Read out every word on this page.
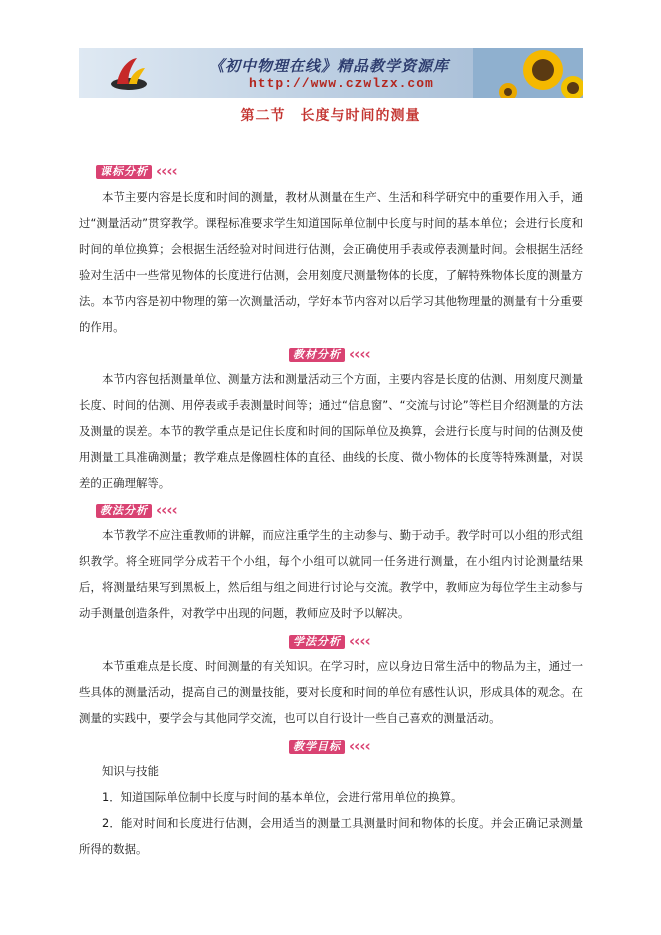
《初中物理在线》精品教学资源库
http://www.czwlzx.com
第二节　长度与时间的测量
课标分析 ‹‹‹‹

本节主要内容是长度和时间的测量，教材从测量在生产、生活和科学研究中的重要作用入手，通过“测量活动”贯穿教学。课程标准要求学生知道国际单位制中长度与时间的基本单位；会进行长度和时间的单位换算；会根据生活经验对时间进行估测，会正确使用手表或停表测量时间。会根据生活经验对生活中一些常见物体的长度进行估测，会用刻度尺测量物体的长度，了解特殊物体长度的测量方法。本节内容是初中物理的第一次测量活动，学好本节内容对以后学习其他物理量的测量有十分重要的作用。

教材分析 ‹‹‹‹

本节内容包括测量单位、测量方法和测量活动三个方面，主要内容是长度的估测、用刻度尺测量长度、时间的估测、用停表或手表测量时间等；通过“信息窗”、“交流与讨论”等栏目介绍测量的方法及测量的误差。本节的教学重点是记住长度和时间的国际单位及换算，会进行长度与时间的估测及使用测量工具准确测量；教学难点是像圆柱体的直径、曲线的长度、微小物体的长度等特殊测量，对误差的正确理解等。

教法分析 ‹‹‹‹

本节教学不应注重教师的讲解，而应注重学生的主动参与、勤于动手。教学时可以小组的形式组织教学。将全班同学分成若干个小组，每个小组可以就同一任务进行测量，在小组内讨论测量结果后，将测量结果写到黑板上，然后组与组之间进行讨论与交流。教学中，教师应为每位学生主动参与动手测量创造条件，对教学中出现的问题，教师应及时予以解决。

学法分析 ‹‹‹‹

本节重难点是长度、时间测量的有关知识。在学习时，应以身边日常生活中的物品为主，通过一些具体的测量活动，提高自己的测量技能，要对长度和时间的单位有感性认识，形成具体的观念。在测量的实践中，要学会与其他同学交流，也可以自行设计一些自己喜欢的测量活动。

教学目标 ‹‹‹‹

知识与技能

1．知道国际单位制中长度与时间的基本单位，会进行常用单位的换算。

2．能对时间和长度进行估测，会用适当的测量工具测量时间和物体的长度。并会正确记录测量所得的数据。
